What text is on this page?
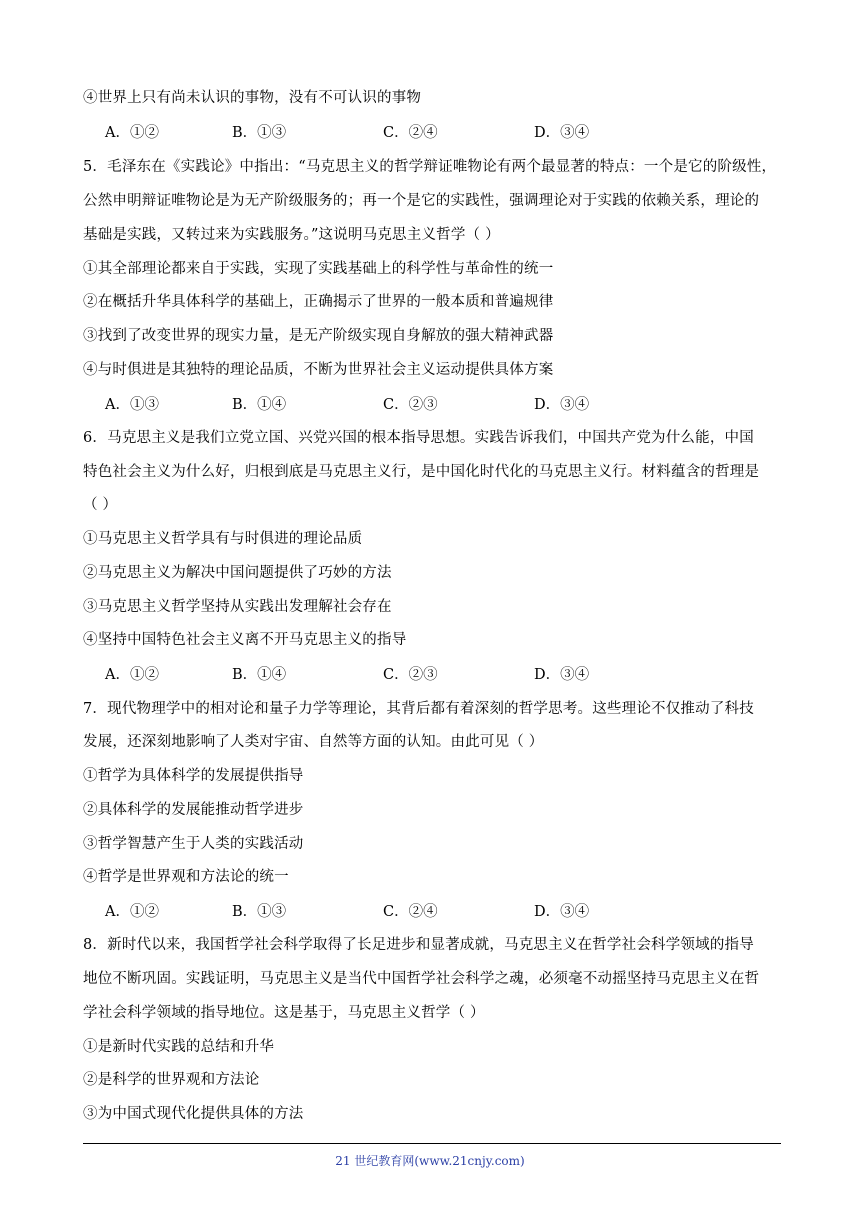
④世界上只有尚未认识的事物，没有不可认识的事物
A．①②	B．①③	C．②④	D．③④
5．毛泽东在《实践论》中指出：“马克思主义的哲学辩证唯物论有两个最显著的特点：一个是它的阶级性，
公然申明辩证唯物论是为无产阶级服务的；再一个是它的实践性，强调理论对于实践的依赖关系，理论的
基础是实践，又转过来为实践服务。”这说明马克思主义哲学（ ）
①其全部理论都来自于实践，实现了实践基础上的科学性与革命性的统一
②在概括升华具体科学的基础上，正确揭示了世界的一般本质和普遍规律
③找到了改变世界的现实力量，是无产阶级实现自身解放的强大精神武器
④与时俱进是其独特的理论品质，不断为世界社会主义运动提供具体方案
A．①③	B．①④	C．②③	D．③④
6．马克思主义是我们立党立国、兴党兴国的根本指导思想。实践告诉我们，中国共产党为什么能，中国
特色社会主义为什么好，归根到底是马克思主义行，是中国化时代化的马克思主义行。材料蕴含的哲理是
（ ）
①马克思主义哲学具有与时俱进的理论品质
②马克思主义为解决中国问题提供了巧妙的方法
③马克思主义哲学坚持从实践出发理解社会存在
④坚持中国特色社会主义离不开马克思主义的指导
A．①②	B．①④	C．②③	D．③④
7．现代物理学中的相对论和量子力学等理论，其背后都有着深刻的哲学思考。这些理论不仅推动了科技
发展，还深刻地影响了人类对宇宙、自然等方面的认知。由此可见（ ）
①哲学为具体科学的发展提供指导
②具体科学的发展能推动哲学进步
③哲学智慧产生于人类的实践活动
④哲学是世界观和方法论的统一
A．①②	B．①③	C．②④	D．③④
8．新时代以来，我国哲学社会科学取得了长足进步和显著成就，马克思主义在哲学社会科学领域的指导
地位不断巩固。实践证明，马克思主义是当代中国哲学社会科学之魂，必须毫不动摇坚持马克思主义在哲
学社会科学领域的指导地位。这是基于，马克思主义哲学（ ）
①是新时代实践的总结和升华
②是科学的世界观和方法论
③为中国式现代化提供具体的方法
21 世纪教育网(www.21cnjy.com)
